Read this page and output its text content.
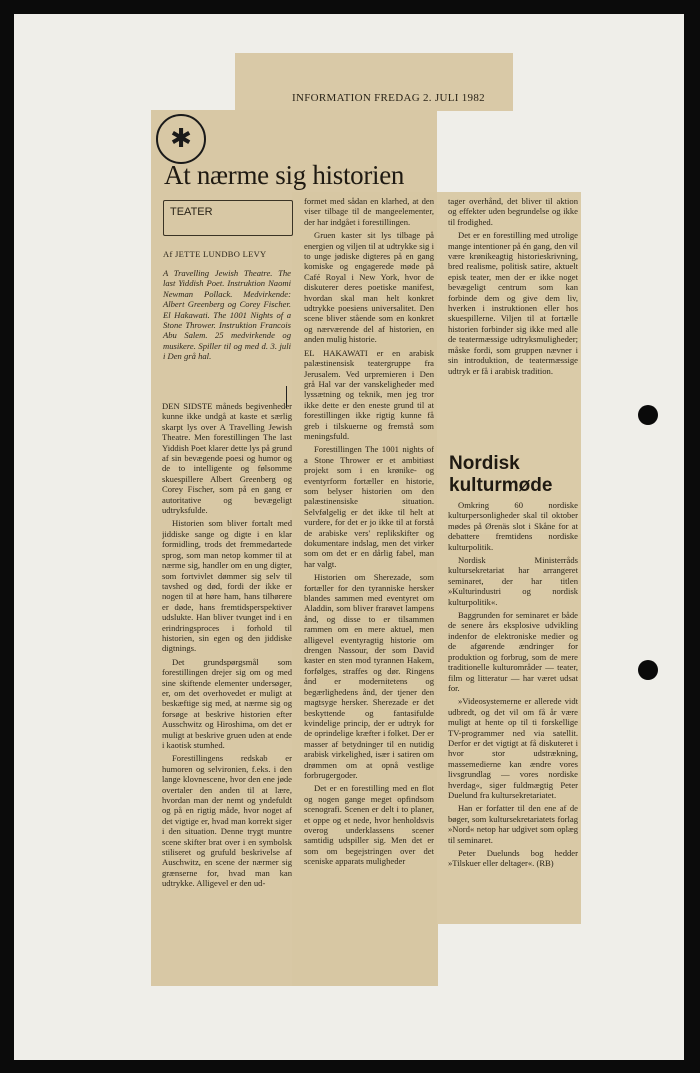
INFORMATION FREDAG 2. JULI 1982
✱
At nærme sig historien
TEATER
Af JETTE LUNDBO LEVY
A Travelling Jewish Theatre. The last Yiddish Poet. Instruktion Naomi Newman Pollack. Medvirkende: Albert Greenberg og Corey Fischer. El Hakawati. The 1001 Nights of a Stone Thrower. Instruktion Francois Abu Salem. 25 medvirkende og musikere. Spiller til og med d. 3. juli i Den grå hal.

DEN SIDSTE måneds begivenheder kunne ikke undgå at kaste et særlig skarpt lys over A Travelling Jewish Theatre. Men forestillingen The last Yiddish Poet klarer dette lys på grund af sin bevægende poesi og humor og de to intelligente og følsomme skuespillere Albert Greenberg og Corey Fischer, som på en gang er autoritative og bevægeligt udtryksfulde.

Historien som bliver fortalt med jiddiske sange og digte i en klar formidling, trods det fremmedartede sprog, som man netop kommer til at nærme sig, handler om en ung digter, som fortvivlet dømmer sig selv til tavshed og død, fordi der ikke er nogen til at høre ham, hans tilhørere er døde, hans fremtidsperspektiver udslukte. Han bliver tvunget ind i en erindringsproces i forhold til historien, sin egen og den jiddiske digtnings.

Det grundspørgsmål som forestillingen drejer sig om og med sine skiftende elementer undersøger, er, om det overhovedet er muligt at beskæftige sig med, at nærme sig og forsøge at beskrive historien efter Ausschwitz og Hiroshima, om det er muligt at beskrive gruen uden at ende i kaotisk stumhed.

Forestillingens redskab er humoren og selvironien, f.eks. i den lange klovnescene, hvor den ene jøde overtaler den anden til at lære, hvordan man der nemt og yndefuldt og på en rigtig måde, hvor noget af det vigtige er, hvad man korrekt siger i den situation. Denne trygt muntre scene skifter brat over i en symbolsk stiliseret og grufuld beskrivelse af Auschwitz, en scene der nærmer sig grænserne for, hvad man kan udtrykke. Alligevel er den ud-

formet med sådan en klarhed, at den viser tilbage til de mangeelementer, der har indgået i forestillingen.

Gruen kaster sit lys tilbage på energien og viljen til at udtrykke sig i to unge jødiske digteres på en gang komiske og engagerede møde på Café Royal i New York, hvor de diskuterer deres poetiske manifest, hvordan skal man helt konkret udtrykke poesiens universalitet. Den scene bliver stående som en konkret og nærværende del af historien, en anden mulig historie.

EL HAKAWATI er en arabisk palæstinensisk teatergruppe fra Jerusalem. Ved urpremieren i Den grå Hal var der vanskeligheder med lyssætning og teknik, men jeg tror ikke dette er den eneste grund til at forestillingen ikke rigtig kunne få greb i tilskuerne og fremstå som meningsfuld.

Forestillingen The 1001 nights of a Stone Thrower er et ambitiøst projekt som i en krønike- og eventyrform fortæller en historie, som belyser historien om den palæstinensiske situation. Selvfølgelig er det ikke til helt at vurdere, for det er jo ikke til at forstå de arabiske vers' replikskifter og dokumentare indslag, men det virker som om det er en dårlig fabel, man har valgt.

Historien om Sherezade, som fortæller for den tyranniske hersker blandes sammen med eventyret om Aladdin, som bliver frarøvet lampens ånd, og disse to er tilsammen rammen om en mere aktuel, men alligevel eventyragtig historie om drengen Nassour, der som David kaster en sten mod tyrannen Hakem, forfølges, straffes og dør. Ringens ånd er modernitetens og begærlighedens ånd, der tjener den magtsyge hersker. Sherezade er det beskyttende og fantasifulde kvindelige princip, der er udtryk for de oprindelige kræfter i folket. Der er masser af betydninger til en nutidig arabisk virkelighed, især i satiren om drømmen om at opnå vestlige forbrugergoder.

Det er en forestilling med en flot og nogen gange meget opfindsom scenografi. Scenen er delt i to planer, et oppe og et nede, hvor henholdsvis overog underklassens scener samtidig udspiller sig. Men det er som om begejstringen over det sceniske apparats muligheder

tager overhånd, det bliver til aktion og effekter uden begrundelse og ikke til frodighed.

Det er en forestilling med utrolige mange intentioner på én gang, den vil være krønikeagtig historieskrivning, bred realisme, politisk satire, aktuelt episk teater, men der er ikke noget bevægeligt centrum som kan forbinde dem og give dem liv, hverken i instruktionen eller hos skuespillerne. Viljen til at fortælle historien forbinder sig ikke med alle de teatermæssige udtryksmuligheder; måske fordi, som gruppen nævner i sin introduktion, de teatermæssige udtryk er få i arabisk tradition.

Nordisk kulturmøde

Omkring 60 nordiske kulturpersonligheder skal til oktober mødes på Ørenäs slot i Skåne for at debattere fremtidens nordiske kulturpolitik.

Nordisk Ministerråds kultursekretariat har arrangeret seminaret, der har titlen »Kulturindustri og nordisk kulturpolitik«.

Baggrunden for seminaret er både de senere års eksplosive udvikling indenfor de elektroniske medier og de afgørende ændringer for produktion og forbrug, som de mere traditionelle kulturområder — teater, film og litteratur — har været udsat for.

»Videosystemerne er allerede vidt udbredt, og det vil om få år være muligt at hente op til ti forskellige TV-programmer ned via satellit. Derfor er det vigtigt at få diskuteret i hvor stor udstrækning, massemedierne kan ændre vores livsgrundlag — vores nordiske hverdag«, siger fuldmægtig Peter Duelund fra kultursekretariatet.

Han er forfatter til den ene af de bøger, som kultursekretariatets forlag »Nord« netop har udgivet som oplæg til seminaret.

Peter Duelunds bog hedder »Tilskuer eller deltager«. (RB)
